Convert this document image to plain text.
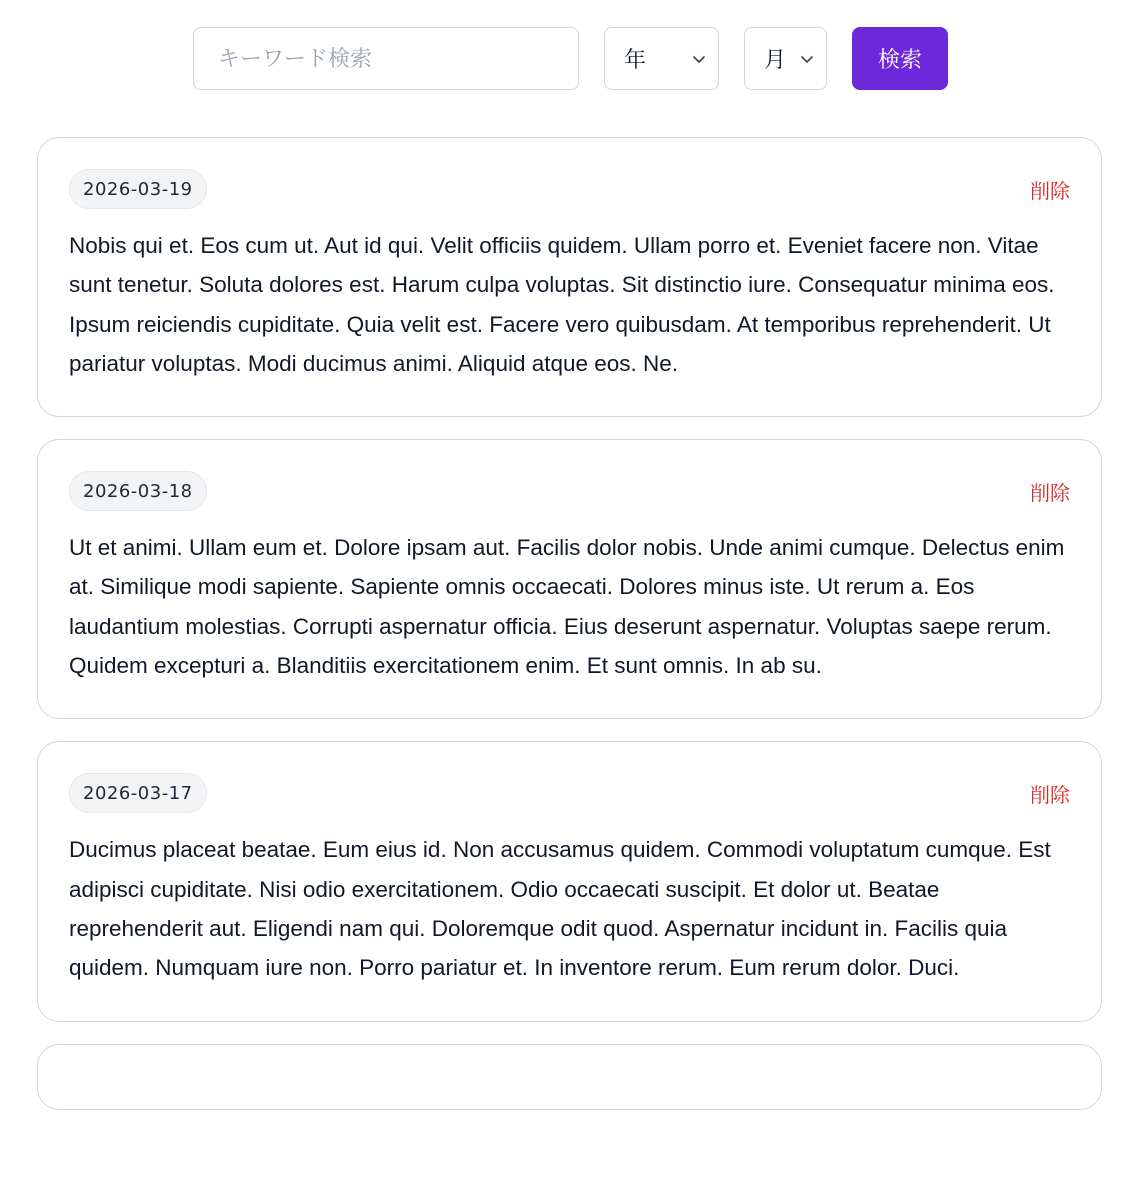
キーワード検索
年	月	検索
2026-03-19	削除
Nobis qui et. Eos cum ut. Aut id qui. Velit officiis quidem. Ullam porro et. Eveniet facere non. Vitae sunt tenetur. Soluta dolores est. Harum culpa voluptas. Sit distinctio iure. Consequatur minima eos. Ipsum reiciendis cupiditate. Quia velit est. Facere vero quibusdam. At temporibus reprehenderit. Ut pariatur voluptas. Modi ducimus animi. Aliquid atque eos. Ne.
2026-03-18	削除
Ut et animi. Ullam eum et. Dolore ipsam aut. Facilis dolor nobis. Unde animi cumque. Delectus enim at. Similique modi sapiente. Sapiente omnis occaecati. Dolores minus iste. Ut rerum a. Eos laudantium molestias. Corrupti aspernatur officia. Eius deserunt aspernatur. Voluptas saepe rerum. Quidem excepturi a. Blanditiis exercitationem enim. Et sunt omnis. In ab su.
2026-03-17	削除
Ducimus placeat beatae. Eum eius id. Non accusamus quidem. Commodi voluptatum cumque. Est adipisci cupiditate. Nisi odio exercitationem. Odio occaecati suscipit. Et dolor ut. Beatae reprehenderit aut. Eligendi nam qui. Doloremque odit quod. Aspernatur incidunt in. Facilis quia quidem. Numquam iure non. Porro pariatur et. In inventore rerum. Eum rerum dolor. Duci.
